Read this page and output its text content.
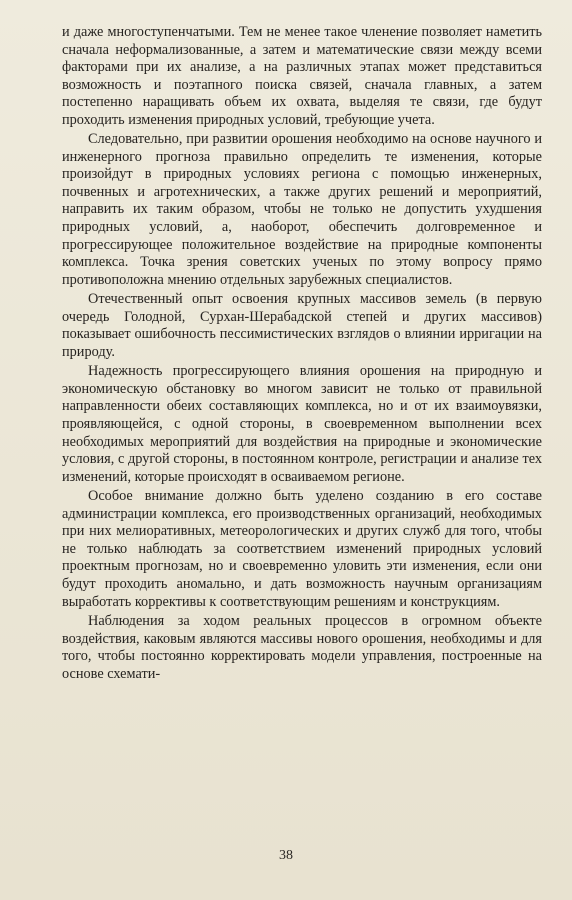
и даже многоступенчатыми. Тем не менее такое членение позволяет наметить сначала неформализованные, а затем и математические связи между всеми факторами при их анализе, а на различных этапах может представиться возможность и поэтапного поиска связей, сначала главных, а затем постепенно наращивать объем их охвата, выделяя те связи, где будут проходить изменения природных условий, требующие учета.

Следовательно, при развитии орошения необходимо на основе научного и инженерного прогноза правильно определить те изменения, которые произойдут в природных условиях региона с помощью инженерных, почвенных и агротехнических, а также других решений и мероприятий, направить их таким образом, чтобы не только не допустить ухудшения природных условий, а, наоборот, обеспечить долговременное и прогрессирующее положительное воздействие на природные компоненты комплекса. Точка зрения советских ученых по этому вопросу прямо противоположна мнению отдельных зарубежных специалистов.

Отечественный опыт освоения крупных массивов земель (в первую очередь Голодной, Сурхан-Шерабадской степей и других массивов) показывает ошибочность пессимистических взглядов о влиянии ирригации на природу.

Надежность прогрессирующего влияния орошения на природную и экономическую обстановку во многом зависит не только от правильной направленности обеих составляющих комплекса, но и от их взаимоувязки, проявляющейся, с одной стороны, в своевременном выполнении всех необходимых мероприятий для воздействия на природные и экономические условия, с другой стороны, в постоянном контроле, регистрации и анализе тех изменений, которые происходят в осваиваемом регионе.

Особое внимание должно быть уделено созданию в его составе администрации комплекса, его производственных организаций, необходимых при них мелиоративных, метеорологических и других служб для того, чтобы не только наблюдать за соответствием изменений природных условий проектным прогнозам, но и своевременно уловить эти изменения, если они будут проходить аномально, и дать возможность научным организациям выработать коррективы к соответствующим решениям и конструкциям.

Наблюдения за ходом реальных процессов в огромном объекте воздействия, каковым являются массивы нового орошения, необходимы и для того, чтобы постоянно корректировать модели управления, построенные на основе схемати-

38
